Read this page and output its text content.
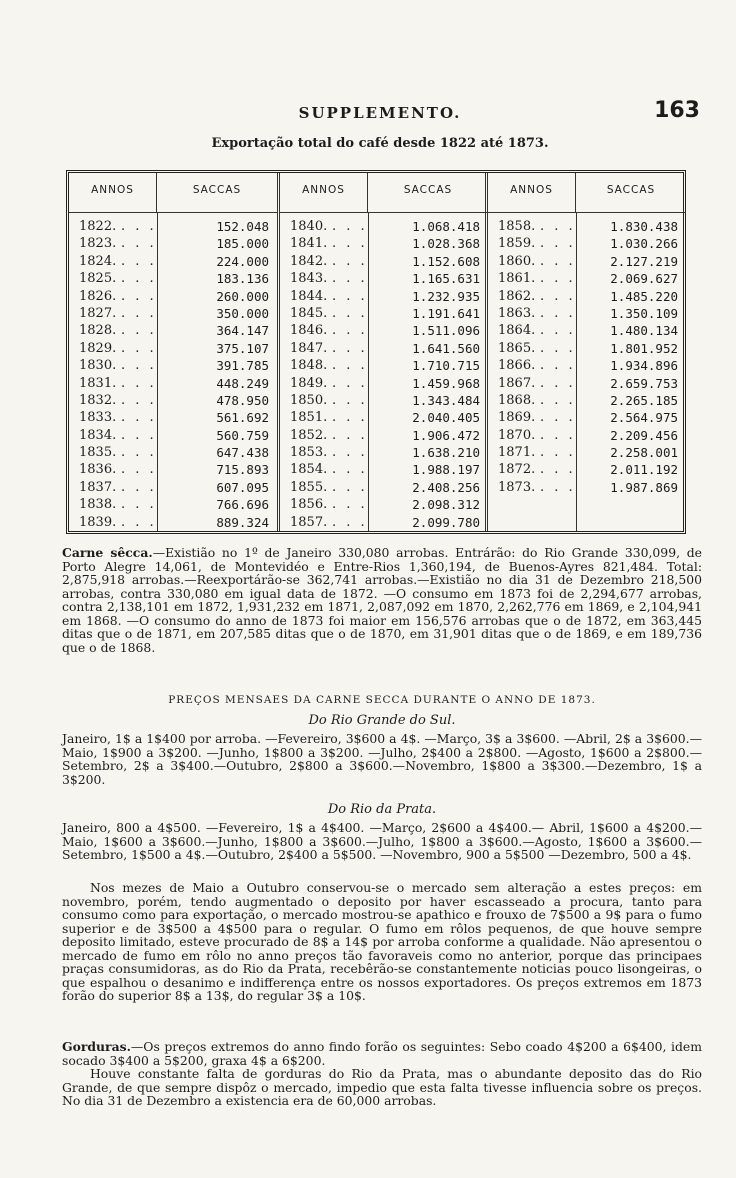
SUPPLEMENTO.	163
Exportação total do café desde 1822 até 1873.
ANNOS	SACCAS
1822. . . .	152.048
1823. . . .	185.000
1824. . . .	224.000
1825. . . .	183.136
1826. . . .	260.000
1827. . . .	350.000
1828. . . .	364.147
1829. . . .	375.107
1830. . . .	391.785
1831. . . .	448.249
1832. . . .	478.950
1833. . . .	561.692
1834. . . .	560.759
1835. . . .	647.438
1836. . . .	715.893
1837. . . .	607.095
1838. . . .	766.696
1839. . . .	889.324
ANNOS	SACCAS
1840. . . .	1.068.418
1841. . . .	1.028.368
1842. . . .	1.152.608
1843. . . .	1.165.631
1844. . . .	1.232.935
1845. . . .	1.191.641
1846. . . .	1.511.096
1847. . . .	1.641.560
1848. . . .	1.710.715
1849. . . .	1.459.968
1850. . . .	1.343.484
1851. . . .	2.040.405
1852. . . .	1.906.472
1853. . . .	1.638.210
1854. . . .	1.988.197
1855. . . .	2.408.256
1856. . . .	2.098.312
1857. . . .	2.099.780
ANNOS	SACCAS
1858. . . .	1.830.438
1859. . . .	1.030.266
1860. . . .	2.127.219
1861. . . .	2.069.627
1862. . . .	1.485.220
1863. . . .	1.350.109
1864. . . .	1.480.134
1865. . . .	1.801.952
1866. . . .	1.934.896
1867. . . .	2.659.753
1868. . . .	2.265.185
1869. . . .	2.564.975
1870. . . .	2.209.456
1871. . . .	2.258.001
1872. . . .	2.011.192
1873. . . .	1.987.869

Carne sêcca.—Existião no 1º de Janeiro 330,080 arrobas. Entrárão: do Rio Grande 330,099, de Porto Alegre 14,061, de Montevidéo e Entre-Rios 1,360,194, de Buenos-Ayres 821,484. Total: 2,875,918 arrobas.—Reexportárão-se 362,741 arrobas.—Existião no dia 31 de Dezembro 218,500 arrobas, contra 330,080 em igual data de 1872. —O consumo em 1873 foi de 2,294,677 arrobas, contra 2,138,101 em 1872, 1,931,232 em 1871, 2,087,092 em 1870, 2,262,776 em 1869, e 2,104,941 em 1868. —O consumo do anno de 1873 foi maior em 156,576 arrobas que o de 1872, em 363,445 ditas que o de 1871, em 207,585 ditas que o de 1870, em 31,901 ditas que o de 1869, e em 189,736 que o de 1868.

PREÇOS MENSAES DA CARNE SECCA DURANTE O ANNO DE 1873.
Do Rio Grande do Sul.

Janeiro, 1$ a 1$400 por arroba. —Fevereiro, 3$600 a 4$. —Março, 3$ a 3$600. —Abril, 2$ a 3$600.—Maio, 1$900 a 3$200. —Junho, 1$800 a 3$200. —Julho, 2$400 a 2$800. —Agosto, 1$600 a 2$800.—Setembro, 2$ a 3$400.—Outubro, 2$800 a 3$600.—Novembro, 1$800 a 3$300.—Dezembro, 1$ a 3$200.

Do Rio da Prata.

Janeiro, 800 a 4$500. —Fevereiro, 1$ a 4$400. —Março, 2$600 a 4$400.— Abril, 1$600 a 4$200.—Maio, 1$600 a 3$600.—Junho, 1$800 a 3$600.—Julho, 1$800 a 3$600.—Agosto, 1$600 a 3$600.—Setembro, 1$500 a 4$.—Outubro, 2$400 a 5$500. —Novembro, 900 a 5$500 —Dezembro, 500 a 4$.

Nos mezes de Maio a Outubro conservou-se o mercado sem alteração a estes preços: em novembro, porém, tendo augmentado o deposito por haver escasseado a procura, tanto para consumo como para exportação, o mercado mostrou-se apathico e frouxo de 7$500 a 9$ para o fumo superior e de 3$500 a 4$500 para o regular. O fumo em rôlos pequenos, de que houve sempre deposito limitado, esteve procurado de 8$ a 14$ por arroba conforme a qualidade. Não apresentou o mercado de fumo em rôlo no anno preços tão favoraveis como no anterior, porque das principaes praças consumidoras, as do Rio da Prata, recebêrão-se constantemente noticias pouco lisongeiras, o que espalhou o desanimo e indifferença entre os nossos exportadores. Os preços extremos em 1873 forão do superior 8$ a 13$, do regular 3$ a 10$.

Gorduras.—Os preços extremos do anno findo forão os seguintes: Sebo coado 4$200 a 6$400, idem socado 3$400 a 5$200, graxa 4$ a 6$200.

Houve constante falta de gorduras do Rio da Prata, mas o abundante deposito das do Rio Grande, de que sempre dispôz o mercado, impedio que esta falta tivesse influencia sobre os preços. No dia 31 de Dezembro a existencia era de 60,000 arrobas.
